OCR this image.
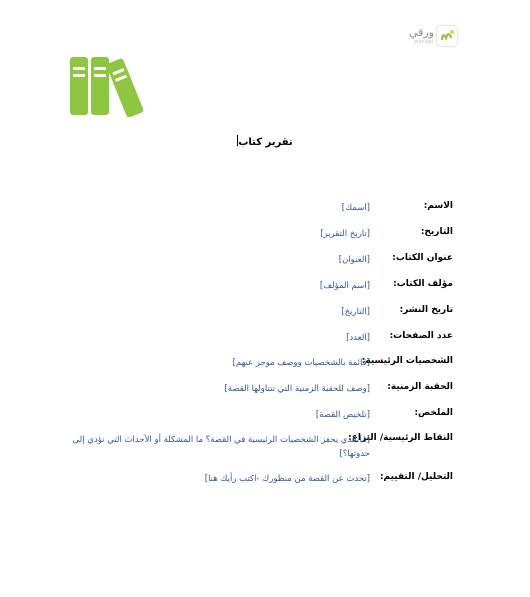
ورقي
waraqi
تقرير كتاب
الاسم:
[اسمك]
التاريخ:
[تاريخ التقرير]
عنوان الكتاب:
[العنوان]
مؤلف الكتاب:
[اسم المؤلف]
تاريخ النشر:
[التاريخ]
عدد الصفحات:
[العدد]
الشخصيات الرئيسية:
[قائمة بالشخصيات ووصف موجز عنهم]
الحقبة الزمنية:
[وصف للحقبة الزمنية التي تتناولها القصة]
الملخص:
[تلخيص القصة]
النقاط الرئيسية/ النزاع:
[ما الذي يحفز الشخصيات الرئيسية في القصة؟ ما المشكلة أو الأحداث التي تؤدي إلى حدوثها؟]
التحليل/ التقييم:
[تحدث عن القصة من منظورك -اكتب رأيك هنا]
